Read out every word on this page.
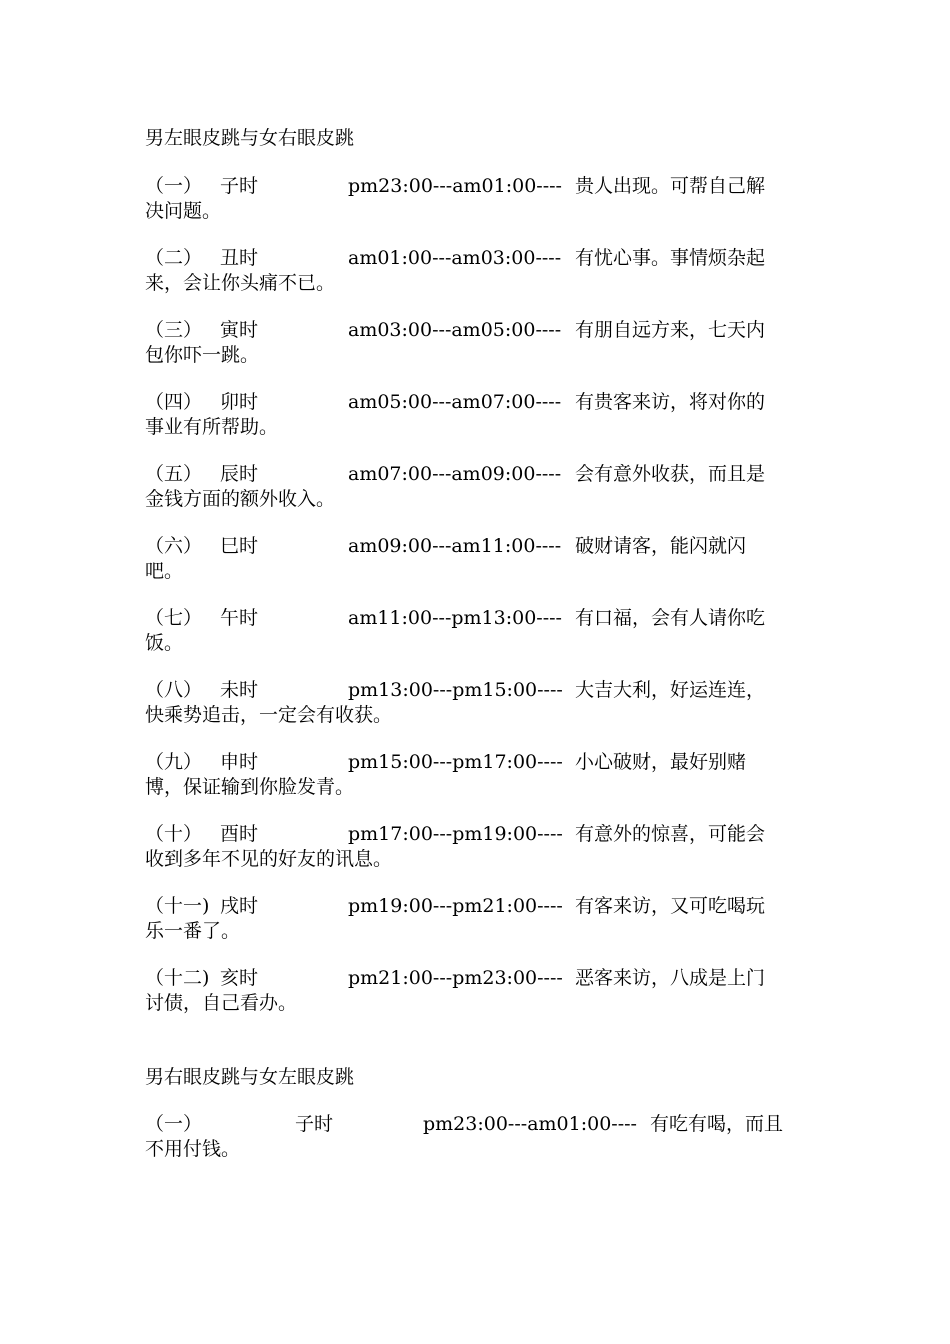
男左眼皮跳与女右眼皮跳
（一） 子时	pm23:00---am01:00---- 贵人出现。可帮自己解
决问题。
（二） 丑时	am01:00---am03:00---- 有忧心事。事情烦杂起
来，会让你头痛不已。
（三） 寅时	am03:00---am05:00---- 有朋自远方来，七天内
包你吓一跳。
（四） 卯时	am05:00---am07:00---- 有贵客来访，将对你的
事业有所帮助。
（五） 辰时	am07:00---am09:00---- 会有意外收获，而且是
金钱方面的额外收入。
（六） 巳时	am09:00---am11:00---- 破财请客，能闪就闪
吧。
（七） 午时	am11:00---pm13:00---- 有口福，会有人请你吃
饭。
（八） 未时	pm13:00---pm15:00---- 大吉大利，好运连连，
快乘势追击，一定会有收获。
（九） 申时	pm15:00---pm17:00---- 小心破财，最好别赌
博，保证输到你脸发青。
（十） 酉时	pm17:00---pm19:00---- 有意外的惊喜，可能会
收到多年不见的好友的讯息。
（十一) 戌时	pm19:00---pm21:00---- 有客来访，又可吃喝玩
乐一番了。
（十二) 亥时	pm21:00---pm23:00---- 恶客来访，八成是上门
讨债，自己看办。
男右眼皮跳与女左眼皮跳
（一）	子时	pm23:00---am01:00---- 有吃有喝，而且
不用付钱。
